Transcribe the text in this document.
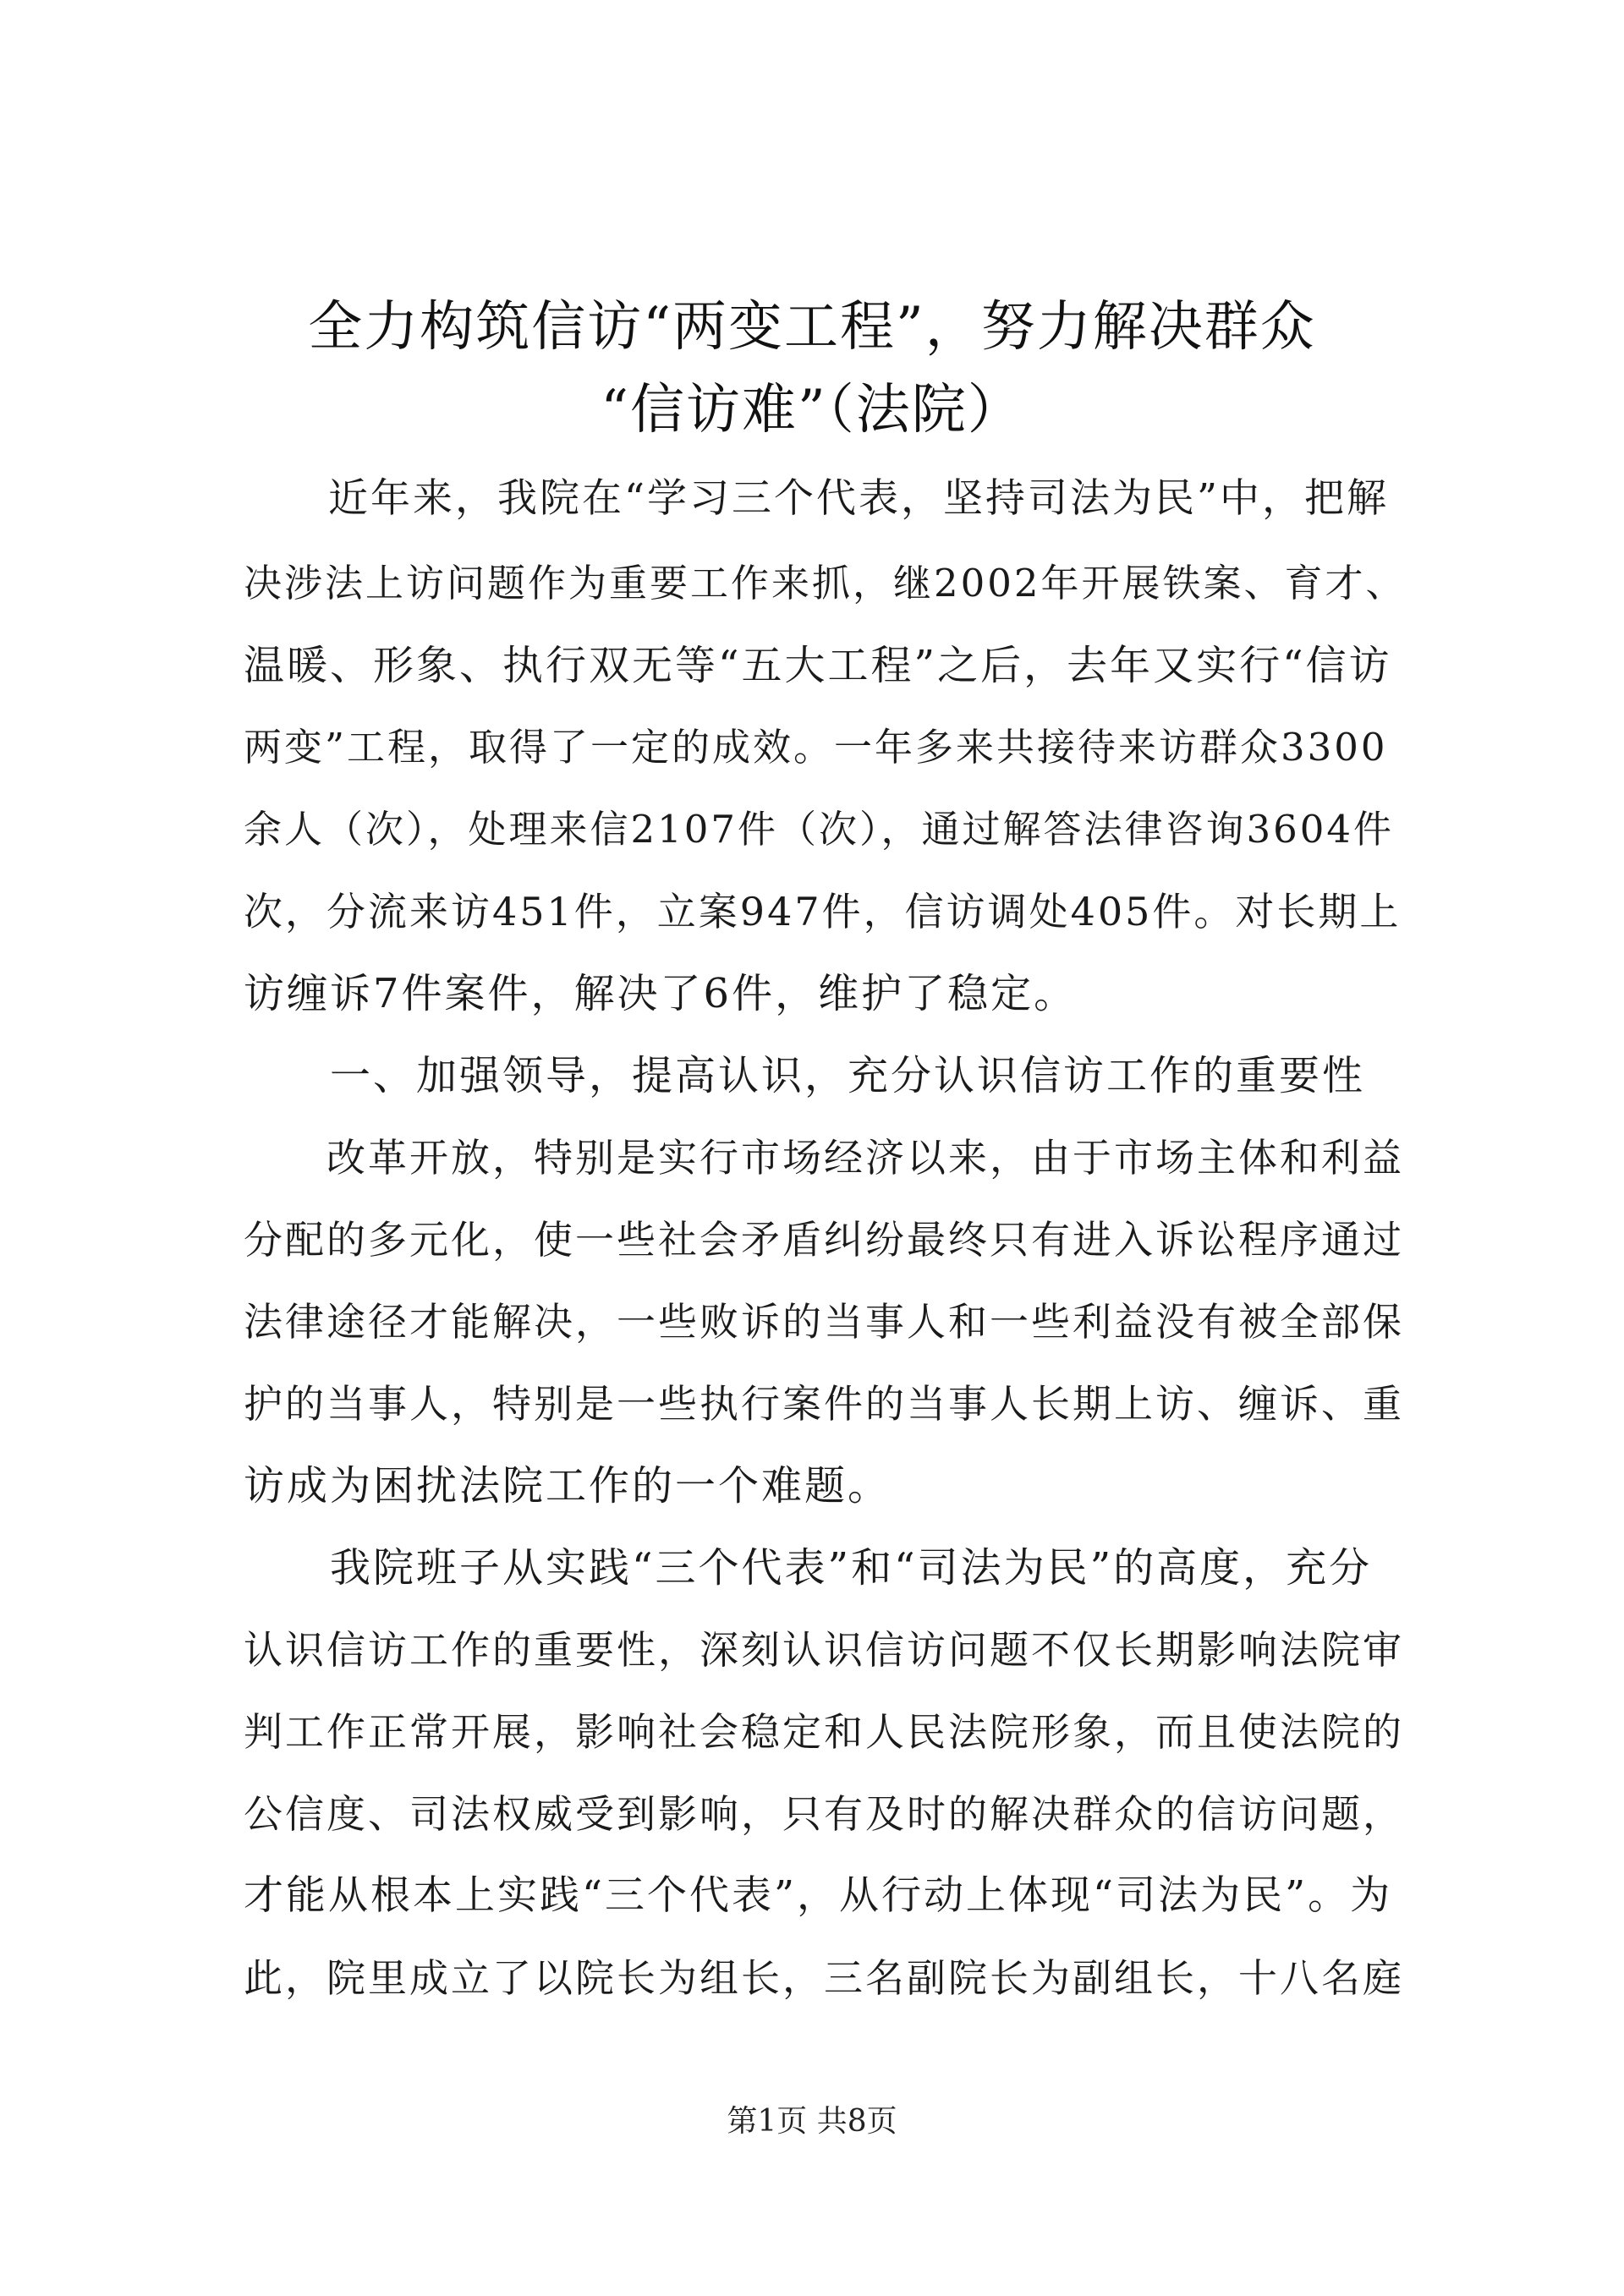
全力构筑信访“两变工程”，努力解决群众
“信访难”（法院）
　　近年来，我院在“学习三个代表，坚持司法为民”中，把解
决涉法上访问题作为重要工作来抓，继2002年开展铁案、育才、
温暖、形象、执行双无等“五大工程”之后，去年又实行“信访
两变”工程，取得了一定的成效。一年多来共接待来访群众3300
余人（次），处理来信2107件（次），通过解答法律咨询3604件
次，分流来访451件，立案947件，信访调处405件。对长期上
访缠诉7件案件，解决了6件，维护了稳定。
　　一、加强领导，提高认识，充分认识信访工作的重要性
　　改革开放，特别是实行市场经济以来，由于市场主体和利益
分配的多元化，使一些社会矛盾纠纷最终只有进入诉讼程序通过
法律途径才能解决，一些败诉的当事人和一些利益没有被全部保
护的当事人，特别是一些执行案件的当事人长期上访、缠诉、重
访成为困扰法院工作的一个难题。
　　我院班子从实践“三个代表”和“司法为民”的高度，充分
认识信访工作的重要性，深刻认识信访问题不仅长期影响法院审
判工作正常开展，影响社会稳定和人民法院形象，而且使法院的
公信度、司法权威受到影响，只有及时的解决群众的信访问题，
才能从根本上实践“三个代表”，从行动上体现“司法为民”。为
此，院里成立了以院长为组长，三名副院长为副组长，十八名庭
第1页 共8页
